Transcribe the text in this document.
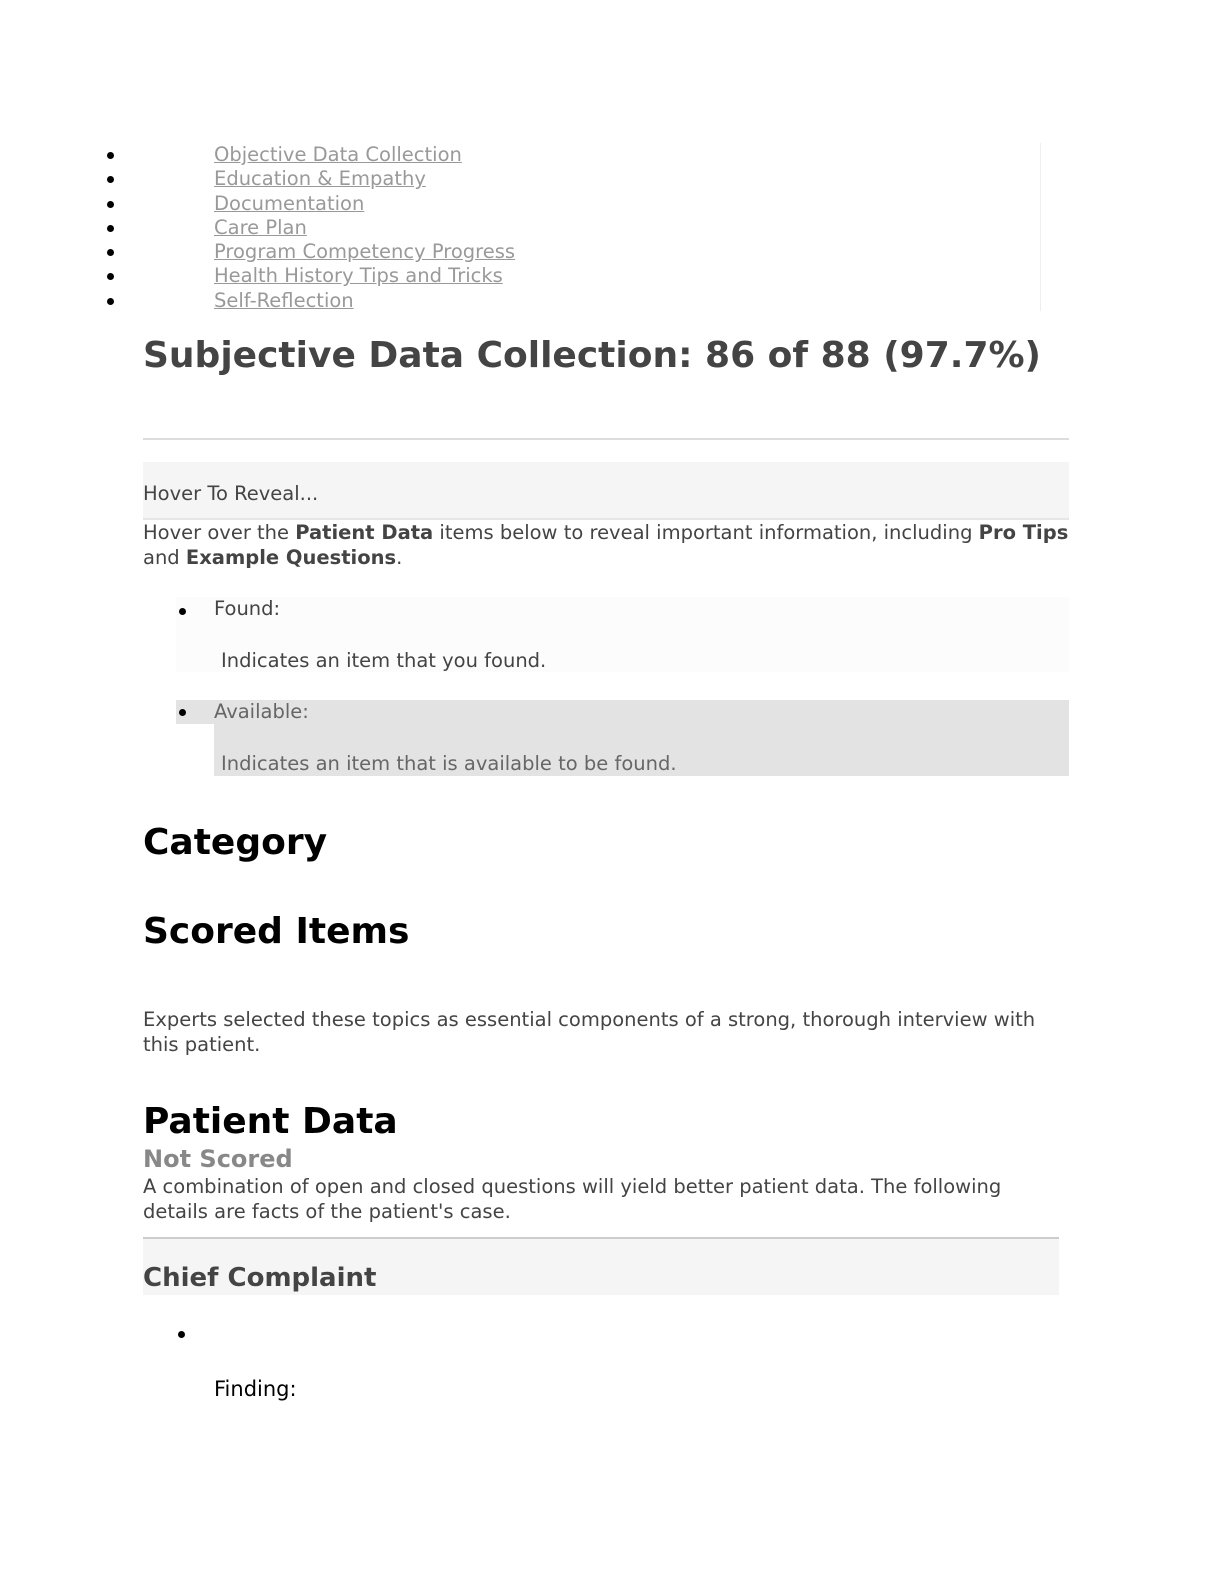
Objective Data Collection
Education & Empathy
Documentation
Care Plan
Program Competency Progress
Health History Tips and Tricks
Self-Reflection
Subjective Data Collection: 86 of 88 (97.7%)
Hover To Reveal...
Hover over the Patient Data items below to reveal important information, including Pro Tips and Example Questions.
Found:
Indicates an item that you found.
Available:
Indicates an item that is available to be found.
Category
Scored Items
Experts selected these topics as essential components of a strong, thorough interview with this patient.
Patient Data
Not Scored
A combination of open and closed questions will yield better patient data. The following details are facts of the patient's case.
Chief Complaint
Finding:
